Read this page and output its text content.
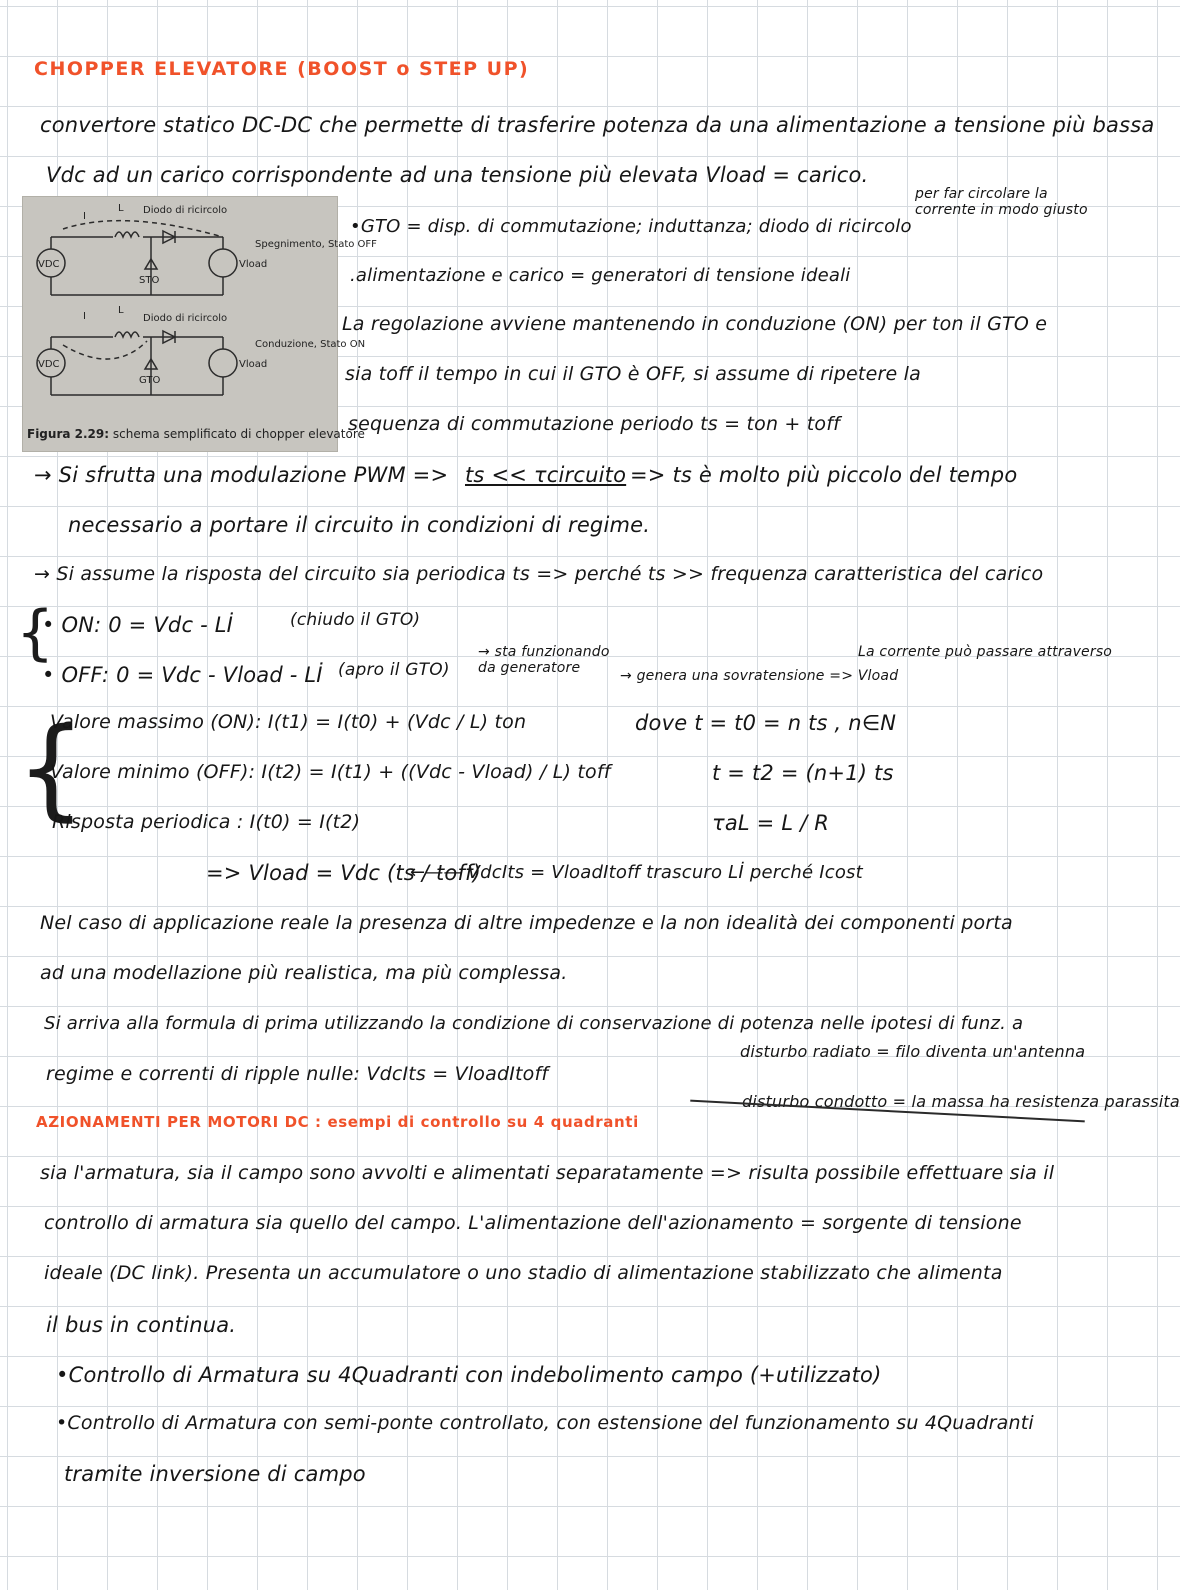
CHOPPER ELEVATORE (BOOST o STEP UP)
convertore statico DC-DC che permette di trasferire potenza da una alimentazione a tensione più bassa
Vdc ad un carico corrispondente ad una tensione più elevata Vload = carico.
I
L Diodo di ricircolo
VDC	Vload
STO
Spegnimento, Stato OFF
I
L
Diodo di ricircolo
VDC	Vload
GTO
Conduzione, Stato ON
Figura 2.29: schema semplificato di chopper elevatore
•GTO = disp. di commutazione; induttanza; diodo di ricircolo
per far circolare la corrente in modo giusto
.alimentazione e carico = generatori di tensione ideali
La regolazione avviene mantenendo in conduzione (ON) per ton il GTO e
sia toff il tempo in cui il GTO è OFF, si assume di ripetere la
sequenza di commutazione periodo ts = ton + toff
→ Si sfrutta una modulazione PWM => ts << τcircuito => ts è molto più piccolo del tempo
necessario a portare il circuito in condizioni di regime.
→ Si assume la risposta del circuito sia periodica ts => perché ts >> frequenza caratteristica del carico
{
• ON: 0 = Vdc - Lİ	(chiudo il GTO)
• OFF: 0 = Vdc - Vload - Lİ (apro il GTO)
→ sta funzionando da generatore	→ genera una sovratensione => Vload
La corrente può passare attraverso
{
Valore massimo (ON): I(t1) = I(t0) + (Vdc / L) ton
Valore minimo (OFF): I(t2) = I(t1) + ((Vdc - Vload) / L) toff
Risposta periodica : I(t0) = I(t2)
dove t = t0 = n ts , n∈N
t = t2 = (n+1) ts
τaL = L / R
=> Vload = Vdc (ts / toff)
←—— VdcIts = VloadItoff trascuro Lİ perché Icost
Nel caso di applicazione reale la presenza di altre impedenze e la non idealità dei componenti porta
ad una modellazione più realistica, ma più complessa.
Si arriva alla formula di prima utilizzando la condizione di conservazione di potenza nelle ipotesi di funz. a
regime e correnti di ripple nulle: VdcIts = VloadItoff
disturbo radiato = filo diventa un'antenna
disturbo condotto = la massa ha resistenza parassita
AZIONAMENTI PER MOTORI DC : esempi di controllo su 4 quadranti
sia l'armatura, sia il campo sono avvolti e alimentati separatamente => risulta possibile effettuare sia il
controllo di armatura sia quello del campo. L'alimentazione dell'azionamento = sorgente di tensione
ideale (DC link). Presenta un accumulatore o uno stadio di alimentazione stabilizzato che alimenta
il bus in continua.
•Controllo di Armatura su 4Quadranti con indebolimento campo (+utilizzato)
•Controllo di Armatura con semi-ponte controllato, con estensione del funzionamento su 4Quadranti
tramite inversione di campo
